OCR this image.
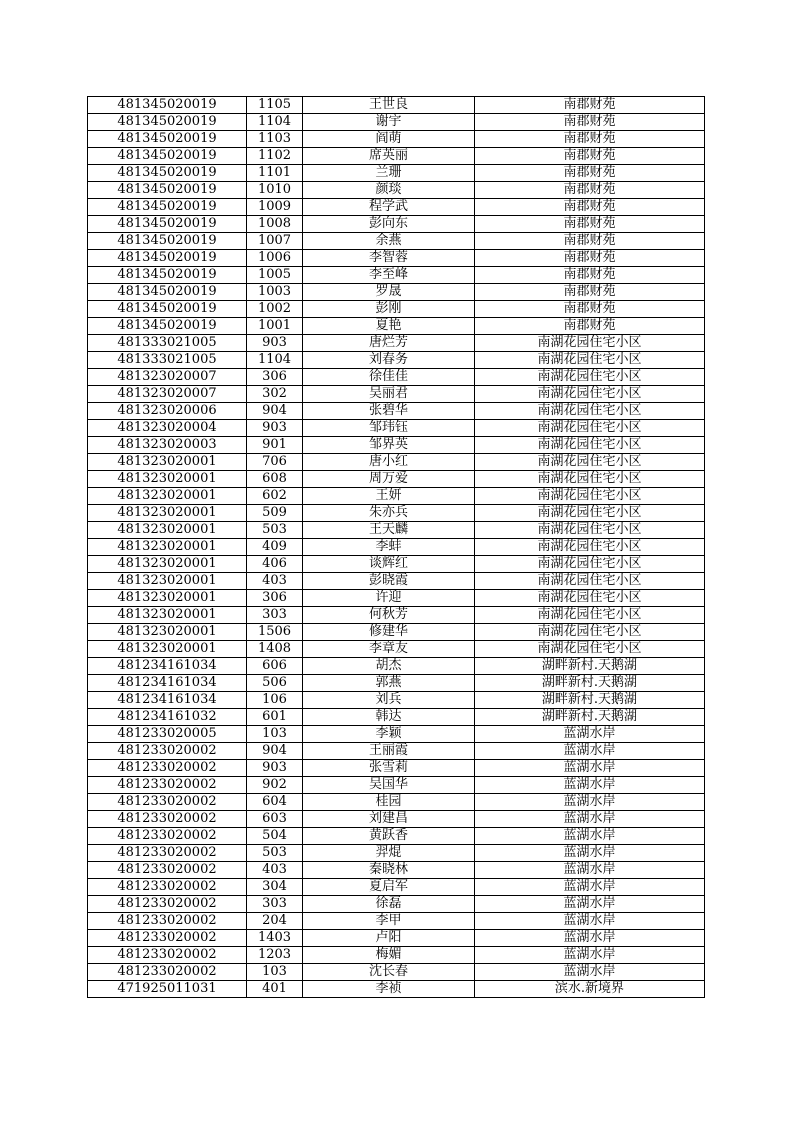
481345020019	1105	王世良	南郡财苑
481345020019	1104	谢宇	南郡财苑
481345020019	1103	阎萌	南郡财苑
481345020019	1102	席英丽	南郡财苑
481345020019	1101	兰珊	南郡财苑
481345020019	1010	颜琰	南郡财苑
481345020019	1009	程学武	南郡财苑
481345020019	1008	彭向东	南郡财苑
481345020019	1007	余燕	南郡财苑
481345020019	1006	李智蓉	南郡财苑
481345020019	1005	李至峰	南郡财苑
481345020019	1003	罗晟	南郡财苑
481345020019	1002	彭刚	南郡财苑
481345020019	1001	夏艳	南郡财苑
481333021005	903	唐烂芳	南湖花园住宅小区
481333021005	1104	刘春务	南湖花园住宅小区
481323020007	306	徐佳佳	南湖花园住宅小区
481323020007	302	吴丽君	南湖花园住宅小区
481323020006	904	张碧华	南湖花园住宅小区
481323020004	903	邹玮钰	南湖花园住宅小区
481323020003	901	邹界英	南湖花园住宅小区
481323020001	706	唐小红	南湖花园住宅小区
481323020001	608	周万爱	南湖花园住宅小区
481323020001	602	王妍	南湖花园住宅小区
481323020001	509	朱亦兵	南湖花园住宅小区
481323020001	503	王天麟	南湖花园住宅小区
481323020001	409	李蚌	南湖花园住宅小区
481323020001	406	谈辉红	南湖花园住宅小区
481323020001	403	彭晓霞	南湖花园住宅小区
481323020001	306	许迎	南湖花园住宅小区
481323020001	303	何秋芳	南湖花园住宅小区
481323020001	1506	修建华	南湖花园住宅小区
481323020001	1408	李章友	南湖花园住宅小区
481234161034	606	胡杰	湖畔新村.天鹅湖
481234161034	506	郭燕	湖畔新村.天鹅湖
481234161034	106	刘兵	湖畔新村.天鹅湖
481234161032	601	韩达	湖畔新村.天鹅湖
481233020005	103	李颖	蓝湖水岸
481233020002	904	王丽霞	蓝湖水岸
481233020002	903	张雪莉	蓝湖水岸
481233020002	902	吴国华	蓝湖水岸
481233020002	604	桂园	蓝湖水岸
481233020002	603	刘建昌	蓝湖水岸
481233020002	504	黄跃香	蓝湖水岸
481233020002	503	羿焜	蓝湖水岸
481233020002	403	秦晓林	蓝湖水岸
481233020002	304	夏启军	蓝湖水岸
481233020002	303	徐磊	蓝湖水岸
481233020002	204	李甲	蓝湖水岸
481233020002	1403	卢阳	蓝湖水岸
481233020002	1203	梅媚	蓝湖水岸
481233020002	103	沈长春	蓝湖水岸
471925011031	401	李祯	滨水.新境界
